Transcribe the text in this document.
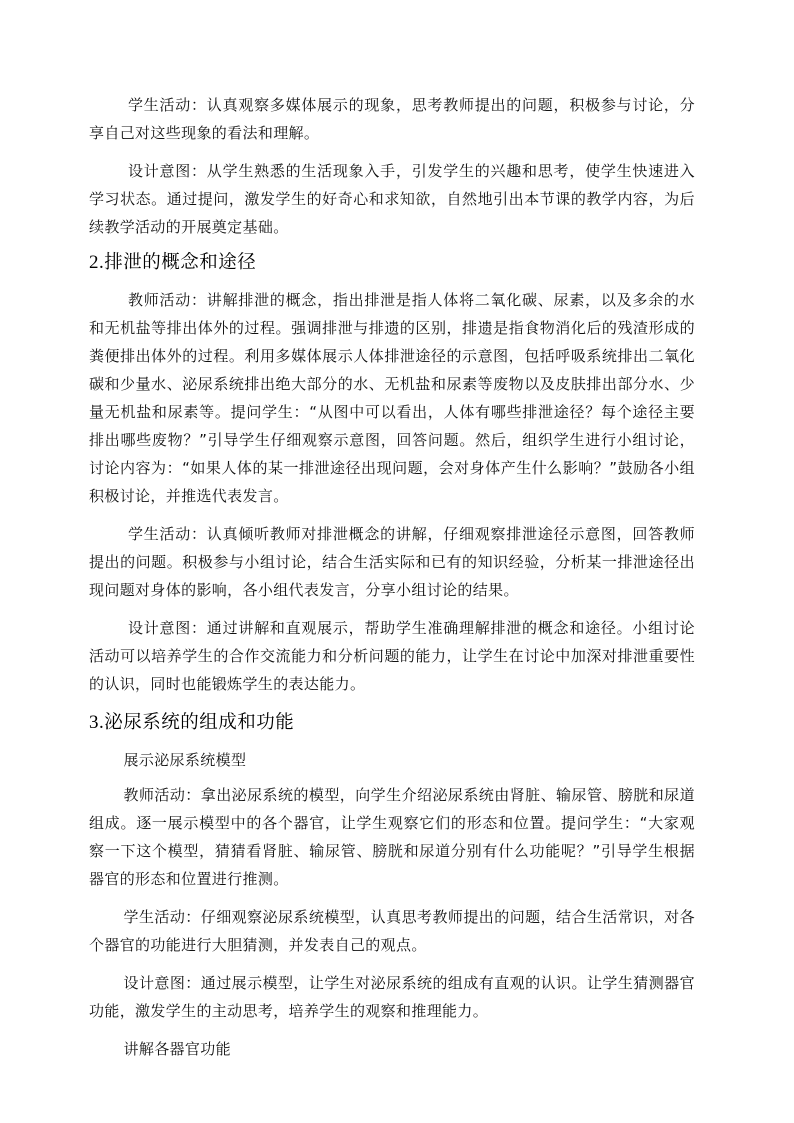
学生活动：认真观察多媒体展示的现象，思考教师提出的问题，积极参与讨论，分享自己对这些现象的看法和理解。

设计意图：从学生熟悉的生活现象入手，引发学生的兴趣和思考，使学生快速进入学习状态。通过提问，激发学生的好奇心和求知欲，自然地引出本节课的教学内容，为后续教学活动的开展奠定基础。

2.排泄的概念和途径

教师活动：讲解排泄的概念，指出排泄是指人体将二氧化碳、尿素，以及多余的水和无机盐等排出体外的过程。强调排泄与排遗的区别，排遗是指食物消化后的残渣形成的粪便排出体外的过程。利用多媒体展示人体排泄途径的示意图，包括呼吸系统排出二氧化碳和少量水、泌尿系统排出绝大部分的水、无机盐和尿素等废物以及皮肤排出部分水、少量无机盐和尿素等。提问学生：“从图中可以看出，人体有哪些排泄途径？每个途径主要排出哪些废物？”引导学生仔细观察示意图，回答问题。然后，组织学生进行小组讨论，讨论内容为：“如果人体的某一排泄途径出现问题，会对身体产生什么影响？”鼓励各小组积极讨论，并推选代表发言。

学生活动：认真倾听教师对排泄概念的讲解，仔细观察排泄途径示意图，回答教师提出的问题。积极参与小组讨论，结合生活实际和已有的知识经验，分析某一排泄途径出现问题对身体的影响，各小组代表发言，分享小组讨论的结果。

设计意图：通过讲解和直观展示，帮助学生准确理解排泄的概念和途径。小组讨论活动可以培养学生的合作交流能力和分析问题的能力，让学生在讨论中加深对排泄重要性的认识，同时也能锻炼学生的表达能力。

3.泌尿系统的组成和功能

展示泌尿系统模型

教师活动：拿出泌尿系统的模型，向学生介绍泌尿系统由肾脏、输尿管、膀胱和尿道组成。逐一展示模型中的各个器官，让学生观察它们的形态和位置。提问学生：“大家观察一下这个模型，猜猜看肾脏、输尿管、膀胱和尿道分别有什么功能呢？”引导学生根据器官的形态和位置进行推测。

学生活动：仔细观察泌尿系统模型，认真思考教师提出的问题，结合生活常识，对各个器官的功能进行大胆猜测，并发表自己的观点。

设计意图：通过展示模型，让学生对泌尿系统的组成有直观的认识。让学生猜测器官功能，激发学生的主动思考，培养学生的观察和推理能力。

讲解各器官功能
